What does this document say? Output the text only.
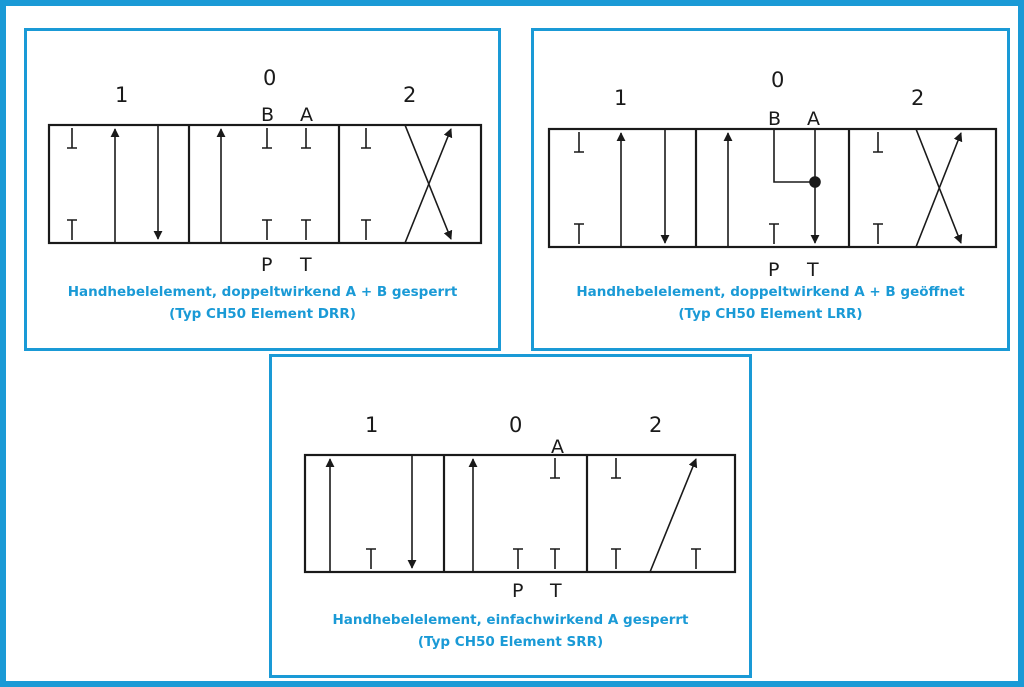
1
0
2
B A
P T
Handhebelelement, doppeltwirkend A + B gesperrt
(Typ CH50 Element DRR)
1
0
2
B A
P T
Handhebelelement, doppeltwirkend A + B geöffnet
(Typ CH50 Element LRR)
1	0	2
A
P T
Handhebelelement, einfachwirkend A gesperrt
(Typ CH50 Element SRR)
